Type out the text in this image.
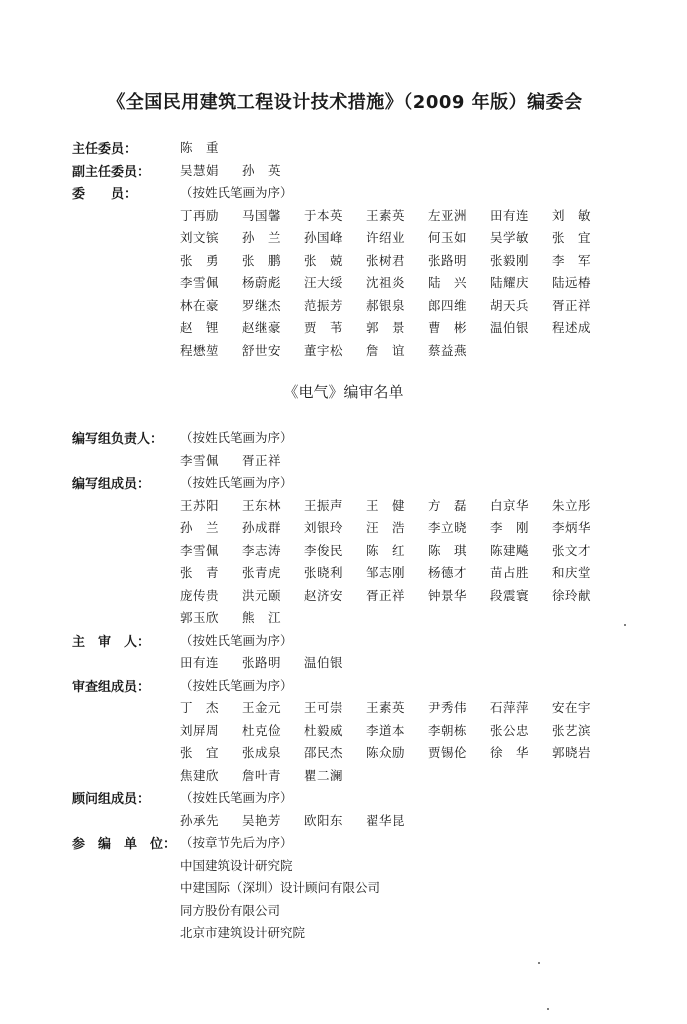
《全国民用建筑工程设计技术措施》（2009 年版）编委会
主任委员：	陈　重
副主任委员：	吴慧娟	孙　英
委　　员：	（按姓氏笔画为序）
丁再励	马国馨	于本英	王素英	左亚洲	田有连	刘　敏
刘文镔	孙　兰	孙国峰	许绍业	何玉如	吴学敏	张　宜
张　勇	张　鹏	张　兢	张树君	张路明	张毅刚	李　军
李雪佩	杨蔚彪	汪大绥	沈祖炎	陆　兴	陆耀庆	陆远椿
林在豪	罗继杰	范振芳	郝银泉	郎四维	胡天兵	胥正祥
赵　锂	赵继豪	贾　苇	郭　景	曹　彬	温伯银	程述成
程懋堃	舒世安	董宇松	詹　谊	蔡益燕
《电气》编审名单
编写组负责人：	（按姓氏笔画为序）
李雪佩	胥正祥
编写组成员：	（按姓氏笔画为序）
王苏阳	王东林	王振声	王　健	方　磊	白京华	朱立彤
孙　兰	孙成群	刘银玲	汪　浩	李立晓	李　刚	李炳华
李雪佩	李志涛	李俊民	陈　红	陈　琪	陈建飚	张文才
张　青	张青虎	张晓利	邹志刚	杨德才	苗占胜	和庆堂
庞传贵	洪元颐	赵济安	胥正祥	钟景华	段震寰	徐玲献
郭玉欣	熊　江
主　审　人：	（按姓氏笔画为序）
田有连	张路明	温伯银
审查组成员：	（按姓氏笔画为序）
丁　杰	王金元	王可崇	王素英	尹秀伟	石萍萍	安在宇
刘屏周	杜克俭	杜毅威	李道本	李朝栋	张公忠	张艺滨
张　宜	张成泉	邵民杰	陈众励	贾锡伦	徐　华	郭晓岩
焦建欣	詹叶青	瞿二澜
顾问组成员：	（按姓氏笔画为序）
孙承先	吴艳芳	欧阳东	翟华昆
参　编　单　位： （按章节先后为序）
中国建筑设计研究院
中建国际（深圳）设计顾问有限公司
同方股份有限公司
北京市建筑设计研究院
